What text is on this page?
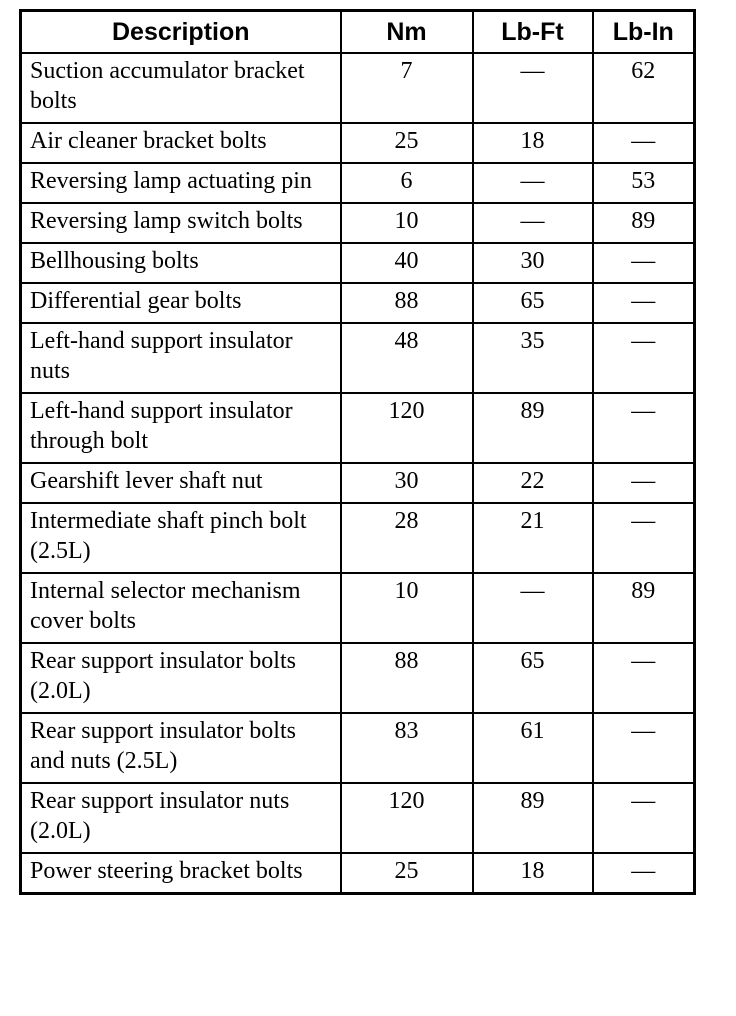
Description	Nm	Lb-Ft	Lb-In
Suction accumulator bracket bolts	7	—	62
Air cleaner bracket bolts	25	18	—
Reversing lamp actuating pin	6	—	53
Reversing lamp switch bolts	10	—	89
Bellhousing bolts	40	30	—
Differential gear bolts	88	65	—
Left-hand support insulator nuts	48	35	—
Left-hand support insulator through bolt	120	89	—
Gearshift lever shaft nut	30	22	—
Intermediate shaft pinch bolt (2.5L)	28	21	—
Internal selector mechanism cover bolts	10	—	89
Rear support insulator bolts (2.0L)	88	65	—
Rear support insulator bolts and nuts (2.5L)	83	61	—
Rear support insulator nuts (2.0L)	120	89	—
Power steering bracket bolts	25	18	—
